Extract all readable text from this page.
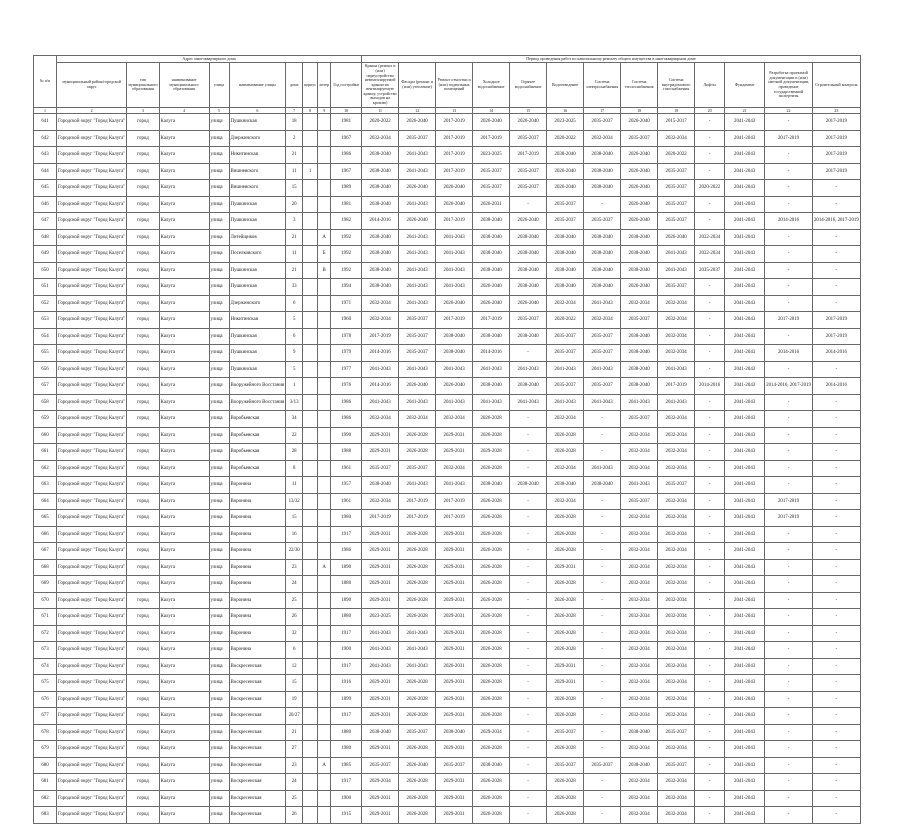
№ п/п	Адрес многоквартирного дома									Период проведения работ по капитальному ремонту общего имущества в многоквартирном доме												
	муниципальный район/городской округ	тип муниципального образования	наименование муниципального образования	улица	наименование улицы	дома	корпус	литер	Год постройки	Крыша (ремонт и (или) переустройство невентилируемой крыши на вентилируемую крышу, устройство выходов на кровлю)	Фасады (ремонт и (или) утепление)	Ремонт отмостки и (или) подвальных помещений	Холодное водоснабжение	Горячее водоснабжение	Водоотведение	Система электроснабжения	Система теплоснабжения	Система внутридомового газоснабжения	Лифты	Фундамент	Разработка проектной документации и (или) сметной документации, проведение государственной экспертизы	Строительный контроль
1	2	3	4	5	6	7	8	9	10	11	12	13	14	15	16	17	18	19	20	21	22	23
641	Городской округ "Город Калуга"	город	Калуга	улица	Пушкинская	18			1981	2020-2022	2026-2040	2017-2019	2026-2040	2026-2040	2023-2025	2035-2037	2026-2040	2015-2017	-	2041-2043	-	2017-2019
642	Городской округ "Город Калуга"	город	Калуга	улица	Дзержинского	2			1967	2032-2034	2035-2037	2017-2019	2017-2019	2035-2037	2020-2022	2032-2034	2035-2037	2032-2034	-	2041-2043	2017-2019	2017-2019
643	Городской округ "Город Калуга"	город	Калуга	улица	Никитинская	21			1986	2038-2040	2041-2043	2017-2019	2023-2025	2017-2019	2038-2040	2038-2040	2026-2040	2020-2022	-	2041-2043	-	2017-2019
644	Городской округ "Город Калуга"	город	Калуга	улица	Вишневского	11	1		1967	2038-2040	2041-2043	2017-2019	2035-2037	2035-2037	2026-2040	2038-2040	2026-2040	2035-2037	-	2041-2043	-	2017-2019
645	Городской округ "Город Калуга"	город	Калуга	улица	Вишневского	15			1989	2038-2040	2026-2040	2026-2040	2035-2037	2035-2037	2026-2040	2038-2040	2026-2040	2035-2037	2020-2022	2041-2043	-	-
646	Городской округ "Город Калуга"	город	Калуга	улица	Пушкинская	20			1981	2038-2040	2041-2043	2026-2040	2026-2031	-	2035-2037	-	2026-2040	2035-2037	-	2041-2043	-	-
647	Городской округ "Город Калуга"	город	Калуга	улица	Пушкинская	3			1982	2014-2016	2026-2040	2017-2019	2038-2040	2026-2040	2035-2037	2035-2037	2026-2040	2035-2037	-	2041-2043	2014-2016	2014-2016, 2017-2019
648	Городской округ "Город Калуга"	город	Калуга	улица	Литейщиков	21		А	1992	2038-2040	2041-2043	2041-2043	2038-2040	2038-2040	2038-2040	2038-2040	2038-2040	2026-2040	2032-2034	2041-2043	-	-
649	Городской округ "Город Калуга"	город	Калуга	улица	Поселковского	11		Б	1992	2038-2040	2041-2043	2041-2043	2038-2040	2038-2040	2038-2040	2038-2040	2038-2040	2041-2043	2032-2034	2041-2043	-	-
650	Городской округ "Город Калуга"	город	Калуга	улица	Пушкинская	21		В	1992	2038-2040	2041-2043	2041-2043	2038-2040	2038-2040	2038-2040	2038-2040	2038-2040	2041-2043	2035-2037	2041-2043	-	-
651	Городской округ "Город Калуга"	город	Калуга	улица	Пушкинская	33			1994	2038-2040	2041-2043	2041-2043	2026-2040	2038-2040	2038-2040	2038-2040	2026-2040	2035-2037	-	2041-2043	-	-
652	Городской округ "Город Калуга"	город	Калуга	улица	Дзержинского	6			1971	2032-2034	2041-2043	2026-2040	2026-2040	2026-2040	2032-2034	2041-2043	2032-2034	2032-2034	-	2041-2043	-	-
653	Городской округ "Город Калуга"	город	Калуга	улица	Никитинская	5			1960	2032-2034	2035-2037	2017-2019	2017-2019	2035-2037	2020-2022	2032-2034	2035-2037	2032-2034	-	2041-2043	2017-2019	2017-2019
654	Городской округ "Город Калуга"	город	Калуга	улица	Пушкинская	6			1978	2017-2019	2035-2037	2038-2040	2038-2040	2038-2040	2035-2037	2035-2037	2038-2040	2032-2034	-	2041-2043	-	2017-2019
655	Городской округ "Город Калуга"	город	Калуга	улица	Пушкинская	9			1979	2014-2016	2035-2037	2038-2040	2014-2016	-	2035-2037	2035-2037	2038-2040	2032-2034	-	2041-2043	2014-2016	2014-2016
656	Городской округ "Город Калуга"	город	Калуга	улица	Пушкинская	5			1977	2041-2043	2041-2043	2041-2043	2041-2043	2041-2043	2041-2043	2041-2043	2038-2040	2041-2043	-	2041-2043	-	-
657	Городской округ "Город Калуга"	город	Калуга	улица	Вооружейного Восстания	1			1976	2014-2016	2026-2040	2026-2040	2038-2040	2038-2040	2035-2037	2035-2037	2038-2040	2017-2019	2014-2016	2041-2043	2014-2016, 2017-2019	2014-2016
658	Городской округ "Город Калуга"	город	Калуга	улица	Вооружейного Восстания	3/13			1986	2041-2043	2041-2043	2041-2043	2041-2043	2041-2043	2041-2043	2041-2043	2041-2043	2041-2043	-	2041-2043	-	-
659	Городской округ "Город Калуга"	город	Калуга	улица	Воробьевская	34			1986	2032-2034	2032-2034	2032-2034	2026-2028	-	2032-2034	-	2035-2037	2032-2034	-	2041-2043	-	-
660	Городской округ "Город Калуга"	город	Калуга	улица	Воробьевская	22			1990	2029-2031	2026-2028	2029-2031	2026-2028	-	2026-2028	-	2032-2034	2032-2034	-	2041-2043	-	-
661	Городской округ "Город Калуга"	город	Калуга	улица	Воробьевская	28			1988	2029-2031	2026-2028	2029-2031	2029-2028	-	2026-2028	-	2032-2034	2032-2034	-	2041-2043	-	-
662	Городской округ "Город Калуга"	город	Калуга	улица	Воробьевская	8			1961	2035-2037	2035-2037	2032-2034	2026-2028	-	2032-2034	2041-2043	2032-2034	2032-2034	-	2041-2043	-	-
663	Городской округ "Город Калуга"	город	Калуга	улица	Воронина	11			1957	2038-2040	2041-2043	2041-2043	2038-2040	2038-2040	2038-2040	2038-2040	2041-2043	2035-2037	-	2041-2043	-	-
664	Городской округ "Город Калуга"	город	Калуга	улица	Воронина	13/32			1961	2032-2034	2017-2019	2017-2019	2026-2028	-	2032-2034	-	2035-2037	2032-2034	-	2041-2043	2017-2019	-
665	Городской округ "Город Калуга"	город	Калуга	улица	Воронина	15			1980	2017-2019	2017-2019	2017-2019	2026-2028	-	2026-2028	-	2032-2034	2032-2034	-	2041-2043	2017-2019	-
666	Городской округ "Город Калуга"	город	Калуга	улица	Воронина	16			1917	2029-2031	2026-2028	2029-2031	2026-2028	-	2026-2028	-	2032-2034	2032-2034	-	2041-2043	-	-
667	Городской округ "Город Калуга"	город	Калуга	улица	Воронина	22/30			1986	2029-2031	2026-2028	2029-2031	2026-2028	-	2026-2028	-	2032-2034	2032-2034	-	2041-2043	-	-
668	Городской округ "Город Калуга"	город	Калуга	улица	Воронина	23		А	1890	2029-2031	2026-2028	2029-2031	2026-2028	-	2029-2031	-	2032-2034	2032-2034	-	2041-2043	-	-
669	Городской округ "Город Калуга"	город	Калуга	улица	Воронина	24			1880	2029-2031	2026-2028	2029-2031	2026-2028	-	2026-2028	-	2032-2034	2032-2034	-	2041-2043	-	-
670	Городской округ "Город Калуга"	город	Калуга	улица	Воронина	25			1890	2029-2031	2026-2028	2029-2031	2026-2028	-	2026-2028	-	2032-2034	2032-2034	-	2041-2043	-	-
671	Городской округ "Город Калуга"	город	Калуга	улица	Воронина	26			1880	2023-2025	2026-2028	2029-2031	2026-2028	-	2026-2028	-	2032-2034	2032-2034	-	2041-2043	-	-
672	Городской округ "Город Калуга"	город	Калуга	улица	Воронина	32			1917	2041-2043	2041-2043	2029-2031	2026-2028	-	2026-2028	-	2032-2034	2032-2034	-	2041-2043	-	-
673	Городской округ "Город Калуга"	город	Калуга	улица	Воронина	6			1900	2041-2043	2041-2043	2029-2031	2026-2028	-	2026-2028	-	2032-2034	2032-2034	-	2041-2043	-	-
674	Городской округ "Город Калуга"	город	Калуга	улица	Воскресенская	12			1917	2041-2043	2041-2043	2026-2031	2026-2028	-	2029-2031	-	2032-2034	2032-2034	-	2041-2043	-	-
675	Городской округ "Город Калуга"	город	Калуга	улица	Воскресенская	15			1916	2029-2031	2026-2028	2029-2031	2026-2028	-	2029-2031	-	2032-2034	2032-2034	-	2041-2043	-	-
676	Городской округ "Город Калуга"	город	Калуга	улица	Воскресенская	19			1899	2029-2031	2026-2028	2029-2031	2026-2028	-	2026-2028	-	2032-2034	2032-2034	-	2041-2043	-	-
677	Городской округ "Город Калуга"	город	Калуга	улица	Воскресенская	20/27			1917	2029-2031	2026-2028	2029-2031	2026-2028	-	2026-2028	-	2032-2034	2032-2034	-	2041-2043	-	-
678	Городской округ "Город Калуга"	город	Калуга	улица	Воскресенская	21			1880	2038-2040	2035-2037	2038-2040	2029-2034	-	2035-2037	-	2038-2040	2035-2037	-	2041-2043	-	-
679	Городской округ "Город Калуга"	город	Калуга	улица	Воскресенская	27			1980	2029-2031	2026-2028	2029-2031	2026-2028	-	2026-2028	-	2032-2034	2032-2034	-	2041-2043	-	-
680	Городской округ "Город Калуга"	город	Калуга	улица	Воскресенская	23		А	1985	2035-2037	2026-2040	2035-2037	2038-2040	-	2035-2037	2035-2037	2038-2040	2035-2037	-	2041-2043	-	-
681	Городской округ "Город Калуга"	город	Калуга	улица	Воскресенская	24			1917	2029-2034	2026-2028	2029-2031	2026-2028	-	2026-2028	-	2032-2034	2032-2034	-	2041-2043	-	-
682	Городской округ "Город Калуга"	город	Калуга	улица	Воскресенская	25			1900	2029-2031	2026-2028	2029-2031	2026-2028	-	2026-2028	-	2032-2034	2032-2034	-	2041-2043	-	-
683	Городской округ "Город Калуга"	город	Калуга	улица	Воскресенская	26			1915	2029-2031	2026-2028	2029-2031	2026-2028	-	2026-2028	-	2032-2034	2032-2034	-	2041-2043	-	-
